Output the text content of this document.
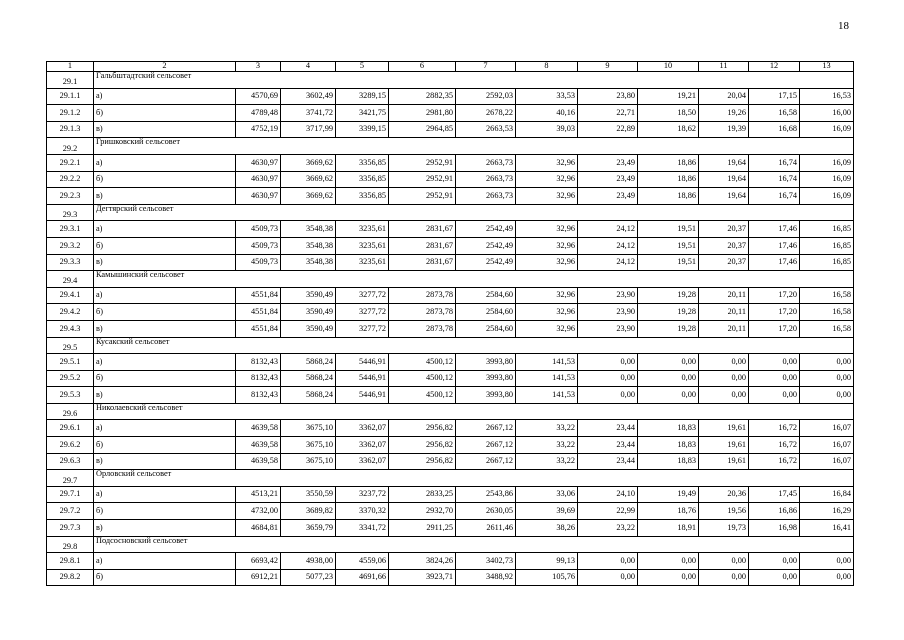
18
1	2	3	4	5	6	7	8	9	10	11	12	13
29.1	Гальбштадтский сельсовет											
29.1.1	а)	4570,69	3602,49	3289,15	2882,35	2592,03	33,53	23,80	19,21	20,04	17,15	16,53
29.1.2	б)	4789,48	3741,72	3421,75	2981,80	2678,22	40,16	22,71	18,50	19,26	16,58	16,00
29.1.3	в)	4752,19	3717,99	3399,15	2964,85	2663,53	39,03	22,89	18,62	19,39	16,68	16,09
29.2	Гришковский сельсовет											
29.2.1	а)	4630,97	3669,62	3356,85	2952,91	2663,73	32,96	23,49	18,86	19,64	16,74	16,09
29.2.2	б)	4630,97	3669,62	3356,85	2952,91	2663,73	32,96	23,49	18,86	19,64	16,74	16,09
29.2.3	в)	4630,97	3669,62	3356,85	2952,91	2663,73	32,96	23,49	18,86	19,64	16,74	16,09
29.3	Дегтярский сельсовет											
29.3.1	а)	4509,73	3548,38	3235,61	2831,67	2542,49	32,96	24,12	19,51	20,37	17,46	16,85
29.3.2	б)	4509,73	3548,38	3235,61	2831,67	2542,49	32,96	24,12	19,51	20,37	17,46	16,85
29.3.3	в)	4509,73	3548,38	3235,61	2831,67	2542,49	32,96	24,12	19,51	20,37	17,46	16,85
29.4	Камышинский сельсовет											
29.4.1	а)	4551,84	3590,49	3277,72	2873,78	2584,60	32,96	23,90	19,28	20,11	17,20	16,58
29.4.2	б)	4551,84	3590,49	3277,72	2873,78	2584,60	32,96	23,90	19,28	20,11	17,20	16,58
29.4.3	в)	4551,84	3590,49	3277,72	2873,78	2584,60	32,96	23,90	19,28	20,11	17,20	16,58
29.5	Кусакский сельсовет											
29.5.1	а)	8132,43	5868,24	5446,91	4500,12	3993,80	141,53	0,00	0,00	0,00	0,00	0,00
29.5.2	б)	8132,43	5868,24	5446,91	4500,12	3993,80	141,53	0,00	0,00	0,00	0,00	0,00
29.5.3	в)	8132,43	5868,24	5446,91	4500,12	3993,80	141,53	0,00	0,00	0,00	0,00	0,00
29.6	Николаевский сельсовет											
29.6.1	а)	4639,58	3675,10	3362,07	2956,82	2667,12	33,22	23,44	18,83	19,61	16,72	16,07
29.6.2	б)	4639,58	3675,10	3362,07	2956,82	2667,12	33,22	23,44	18,83	19,61	16,72	16,07
29.6.3	в)	4639,58	3675,10	3362,07	2956,82	2667,12	33,22	23,44	18,83	19,61	16,72	16,07
29.7	Орловский сельсовет											
29.7.1	а)	4513,21	3550,59	3237,72	2833,25	2543,86	33,06	24,10	19,49	20,36	17,45	16,84
29.7.2	б)	4732,00	3689,82	3370,32	2932,70	2630,05	39,69	22,99	18,76	19,56	16,86	16,29
29.7.3	в)	4684,81	3659,79	3341,72	2911,25	2611,46	38,26	23,22	18,91	19,73	16,98	16,41
29.8	Подсосновский сельсовет											
29.8.1	а)	6693,42	4938,00	4559,06	3824,26	3402,73	99,13	0,00	0,00	0,00	0,00	0,00
29.8.2	б)	6912,21	5077,23	4691,66	3923,71	3488,92	105,76	0,00	0,00	0,00	0,00	0,00
